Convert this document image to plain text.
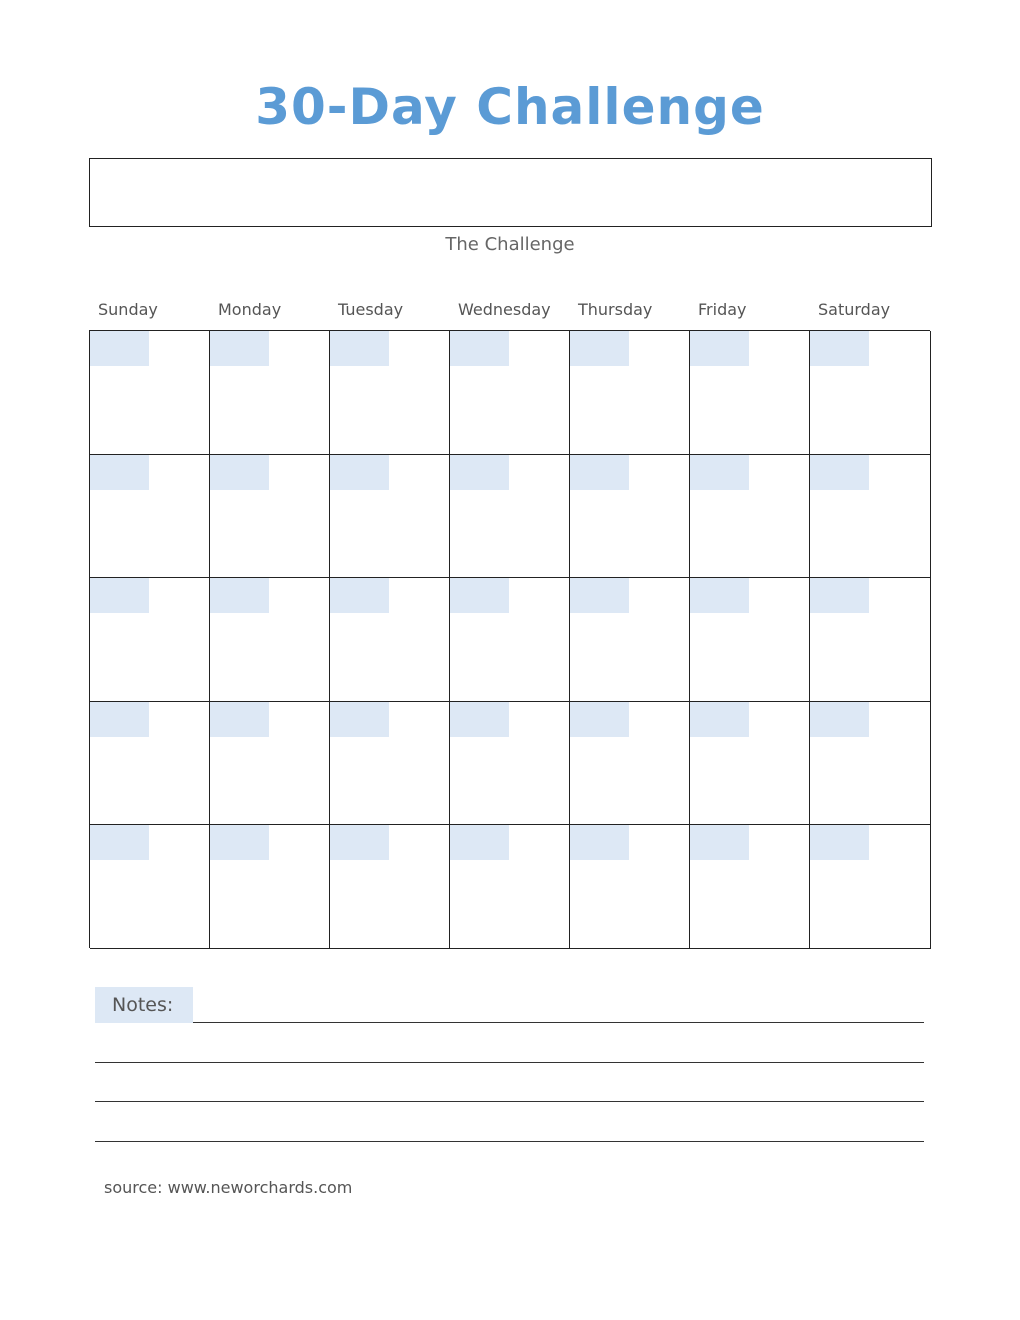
30-Day Challenge
The Challenge
Sunday	Monday	Tuesday	Wednesday	Thursday	Friday	Saturday
Notes:
source: www.neworchards.com
